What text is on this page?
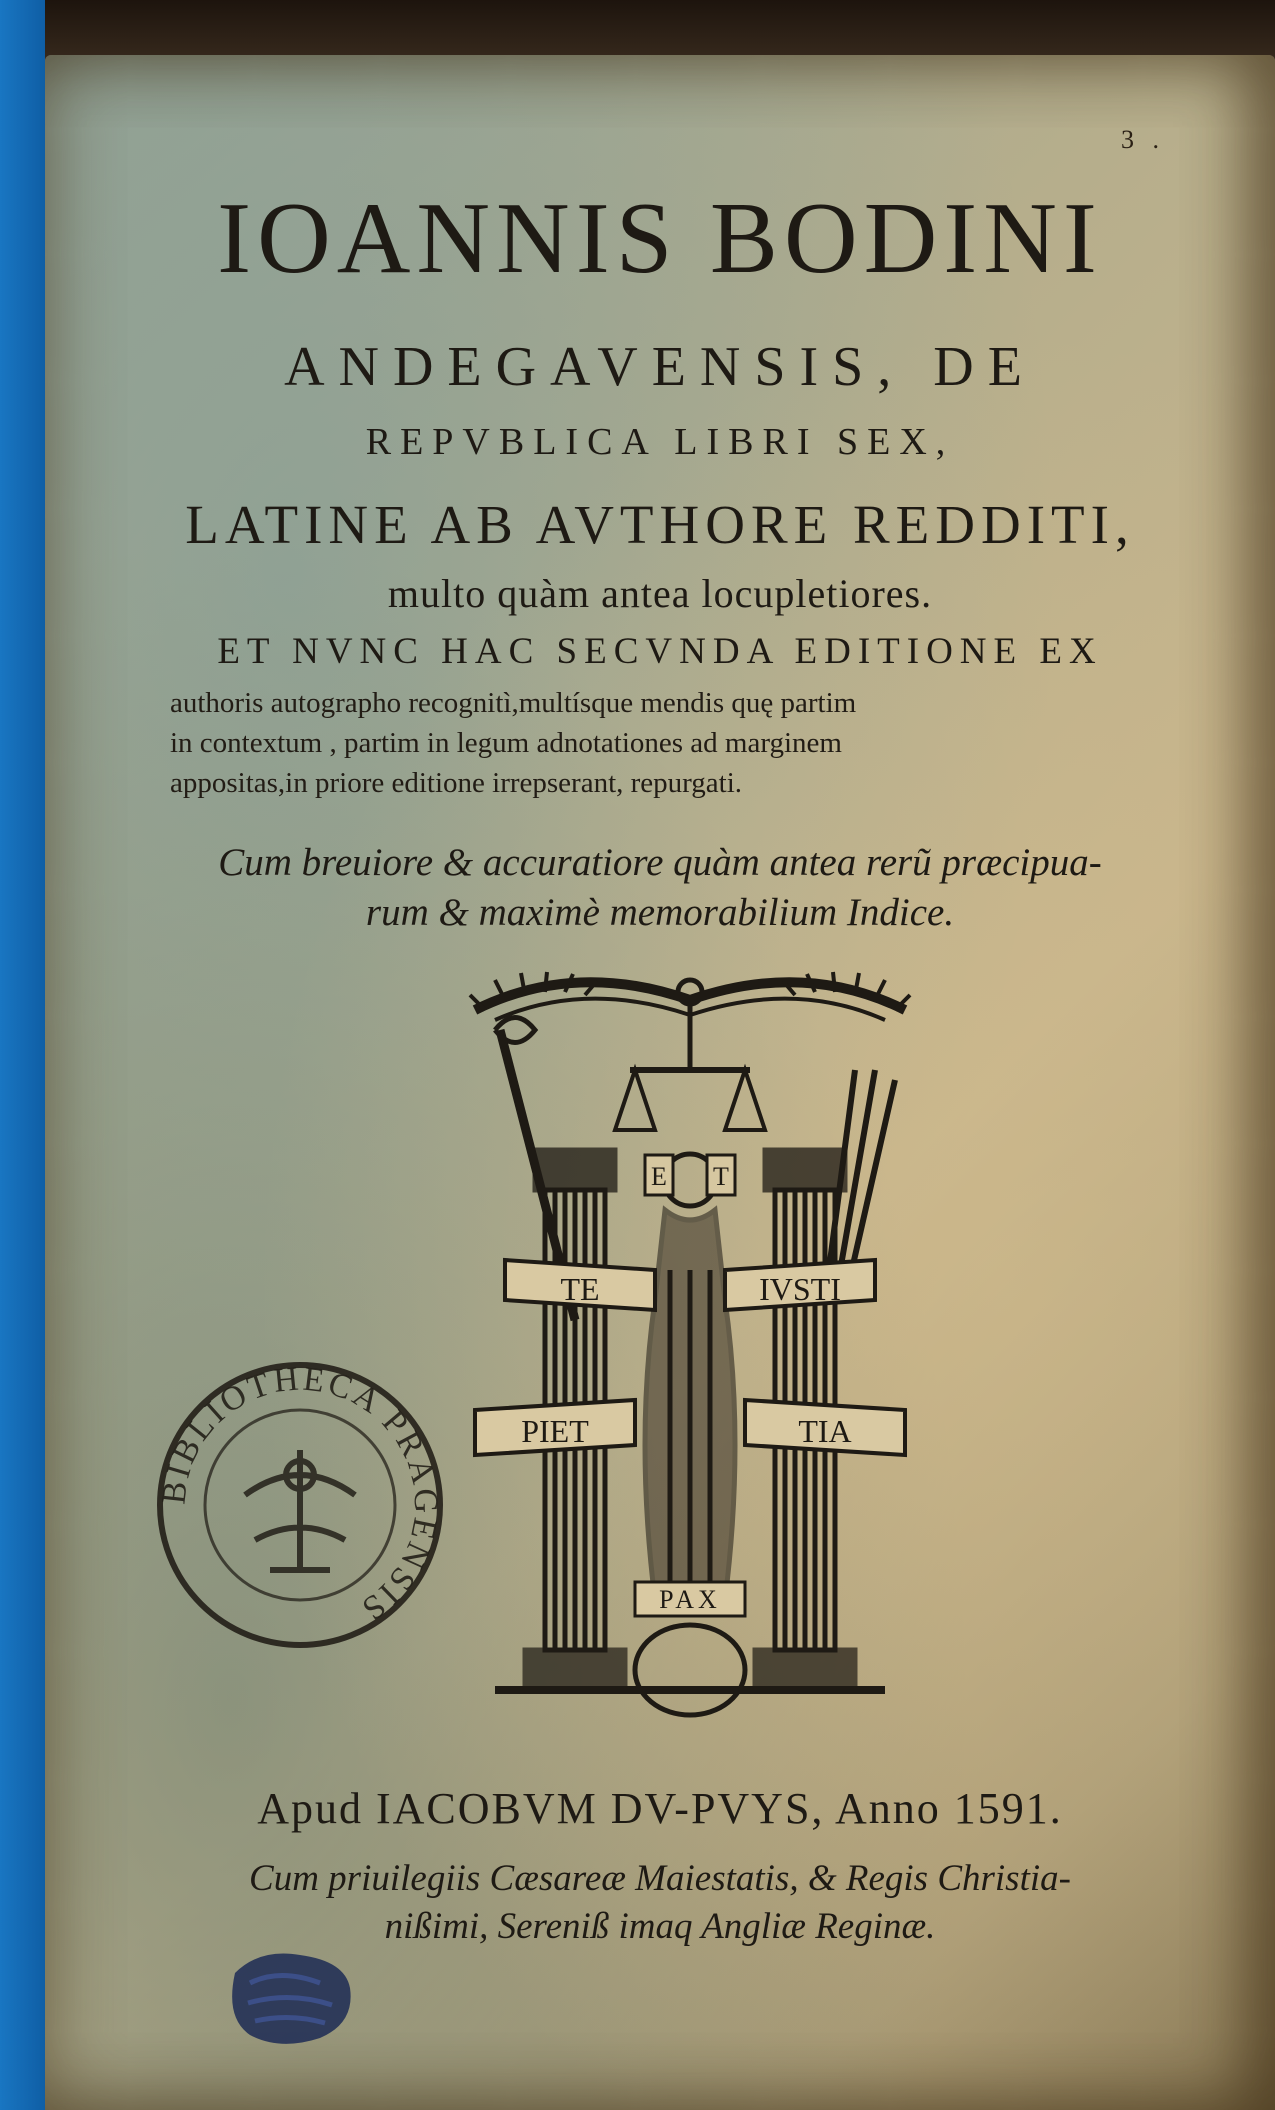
3 .
IOANNIS BODINI
ANDEGAVENSIS, DE
REPVBLICA LIBRI SEX,
LATINE AB AVTHORE REDDITI,
multo quàm antea locupletiores.
ET NVNC HAC SECVNDA EDITIONE EX
authoris autographo recognitì,multísque mendis quę partim
in contextum , partim in legum adnotationes ad marginem
appositas,in priore editione irrepserant, repurgati.
Cum breuiore & accuratiore quàm antea rerũ præcipua-
rum & maximè memorabilium Indice.
E T
TE	IVSTI
PIET	TIA
PAX
BIBLIOTHECA PRAGENSIS
Apud IACOBVM DV-PVYS, Anno 1591.
Cum priuilegiis Cæsareæ Maiestatis, & Regis Christia-
nißimi, Sereniß imaq Angliæ Reginæ.
